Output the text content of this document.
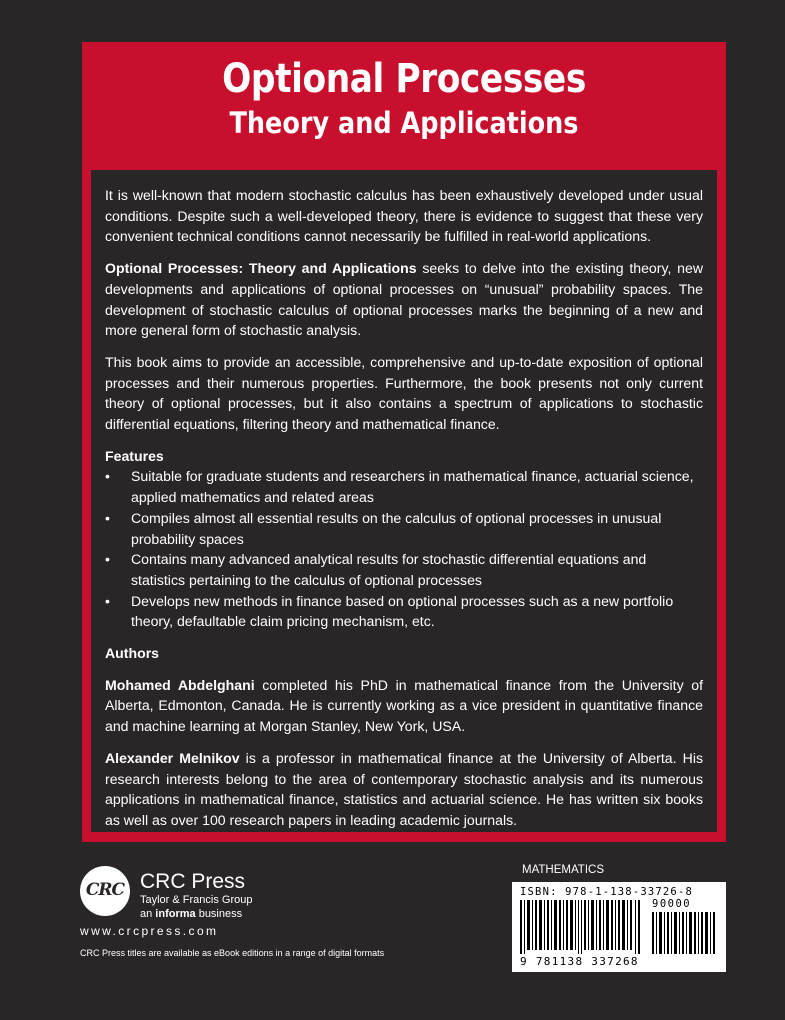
Optional Processes
Theory and Applications

It is well-known that modern stochastic calculus has been exhaustively developed under usual conditions. Despite such a well-developed theory, there is evidence to suggest that these very convenient technical conditions cannot necessarily be fulfilled in real-world applications.

Optional Processes: Theory and Applications seeks to delve into the existing theory, new developments and applications of optional processes on “unusual” probability spaces. The development of stochastic calculus of optional processes marks the beginning of a new and more general form of stochastic analysis.

This book aims to provide an accessible, comprehensive and up-to-date exposition of optional processes and their numerous properties. Furthermore, the book presents not only current theory of optional processes, but it also contains a spectrum of applications to stochastic differential equations, filtering theory and mathematical finance.

Features
• Suitable for graduate students and researchers in mathematical finance, actuarial science, applied mathematics and related areas
• Compiles almost all essential results on the calculus of optional processes in unusual probability spaces
• Contains many advanced analytical results for stochastic differential equations and statistics pertaining to the calculus of optional processes
• Develops new methods in finance based on optional processes such as a new portfolio theory, defaultable claim pricing mechanism, etc.
Authors

Mohamed Abdelghani completed his PhD in mathematical finance from the University of Alberta, Edmonton, Canada. He is currently working as a vice president in quantitative finance and machine learning at Morgan Stanley, New York, USA.

Alexander Melnikov is a professor in mathematical finance at the University of Alberta. His research interests belong to the area of contemporary stochastic analysis and its numerous applications in mathematical finance, statistics and actuarial science. He has written six books as well as over 100 research papers in leading academic journals.

CRC CRC Press
Taylor & Francis Group
an informa business
www.crcpress.com
CRC Press titles are available as eBook editions in a range of digital formats
MATHEMATICS
ISBN: 978-1-138-33726-8
90000
9 781138 337268
